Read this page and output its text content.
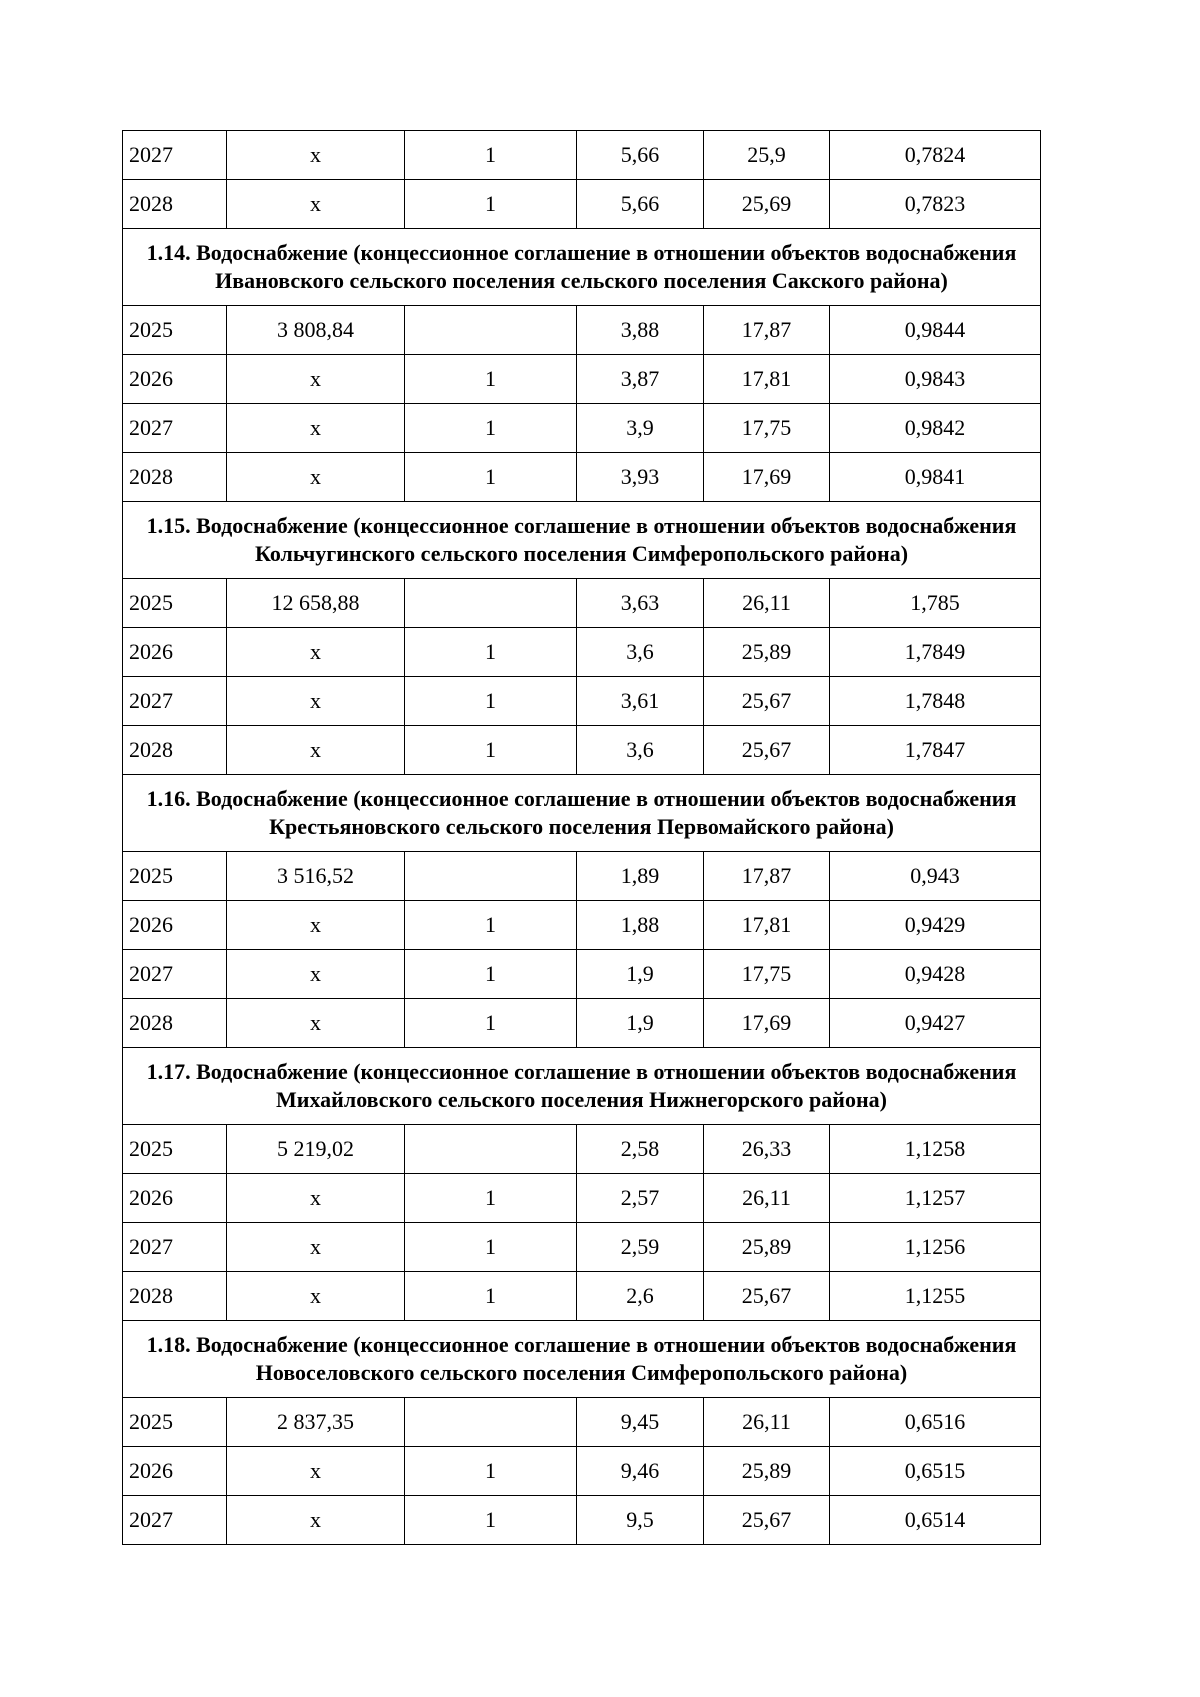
2027	x	1	5,66	25,9	0,7824
2028	x	1	5,66	25,69	0,7823
1.14. Водоснабжение (концессионное соглашение в отношении объектов водоснабжения Ивановского сельского поселения сельского поселения Сакского района)					
2025	3 808,84		3,88	17,87	0,9844
2026	x	1	3,87	17,81	0,9843
2027	x	1	3,9	17,75	0,9842
2028	x	1	3,93	17,69	0,9841
1.15. Водоснабжение (концессионное соглашение в отношении объектов водоснабжения Кольчугинского сельского поселения Симферопольского района)					
2025	12 658,88		3,63	26,11	1,785
2026	x	1	3,6	25,89	1,7849
2027	x	1	3,61	25,67	1,7848
2028	x	1	3,6	25,67	1,7847
1.16. Водоснабжение (концессионное соглашение в отношении объектов водоснабжения Крестьяновского сельского поселения Первомайского района)					
2025	3 516,52		1,89	17,87	0,943
2026	x	1	1,88	17,81	0,9429
2027	x	1	1,9	17,75	0,9428
2028	x	1	1,9	17,69	0,9427
1.17. Водоснабжение (концессионное соглашение в отношении объектов водоснабжения Михайловского сельского поселения Нижнегорского района)					
2025	5 219,02		2,58	26,33	1,1258
2026	x	1	2,57	26,11	1,1257
2027	x	1	2,59	25,89	1,1256
2028	x	1	2,6	25,67	1,1255
1.18. Водоснабжение (концессионное соглашение в отношении объектов водоснабжения Новоселовского сельского поселения Симферопольского района)					
2025	2 837,35		9,45	26,11	0,6516
2026	x	1	9,46	25,89	0,6515
2027	x	1	9,5	25,67	0,6514
